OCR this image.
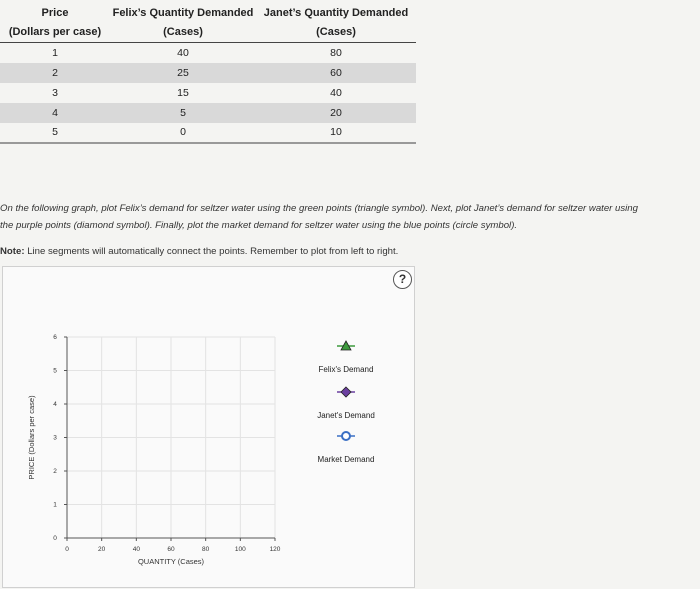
Price	Felix’s Quantity Demanded	Janet’s Quantity Demanded
(Dollars per case)	(Cases)	(Cases)
1	40	80
2	25	60
3	15	40
4	5	20
5	0	10

On the following graph, plot Felix’s demand for seltzer water using the green points (triangle symbol). Next, plot Janet’s demand for seltzer water using
the purple points (diamond symbol). Finally, plot the market demand for seltzer water using the blue points (circle symbol).
Note: Line segments will automatically connect the points. Remember to plot from left to right.
?
0
1
2
3
4
5
6
0	20	40	60	80	100	120
PRICE (Dollars per case)
QUANTITY (Cases)
Felix's Demand
Janet's Demand
Market Demand
